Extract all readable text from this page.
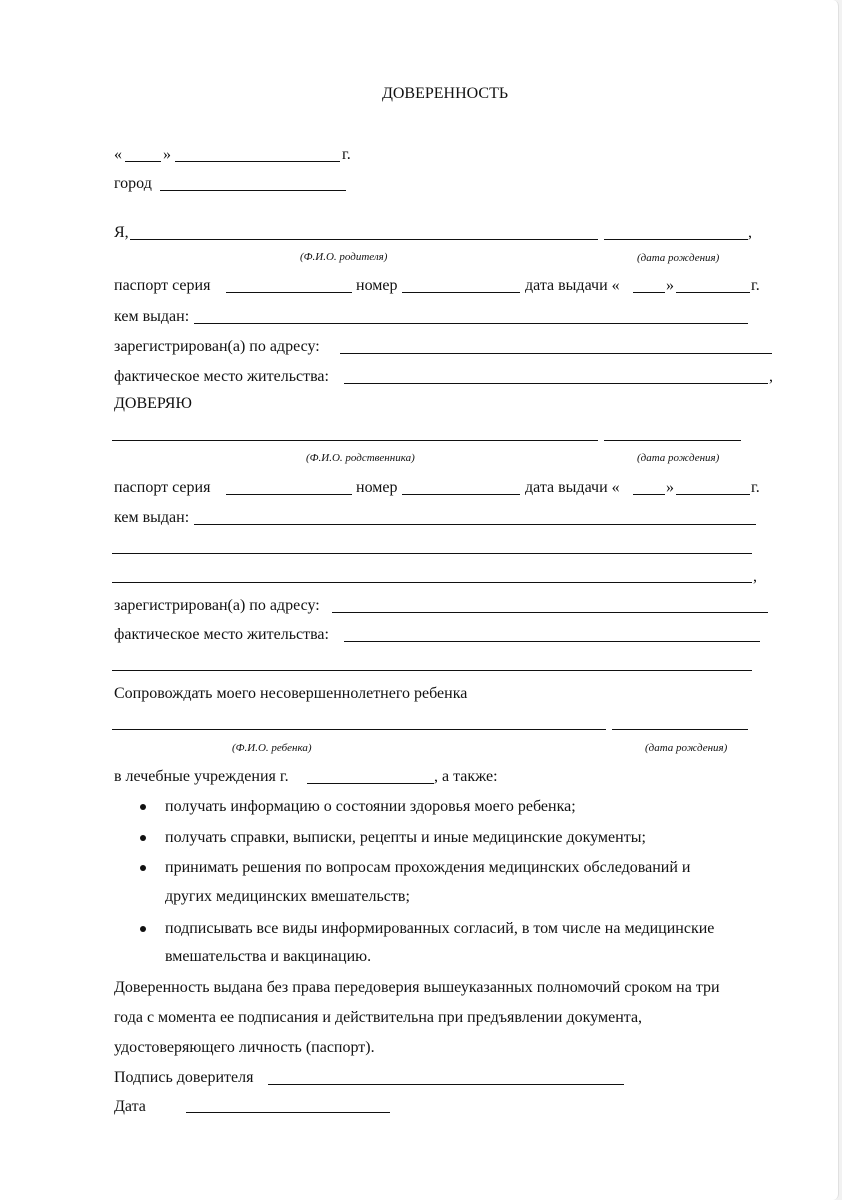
ДОВЕРЕННОСТЬ
«	»	г.
город
Я,	,
(Ф.И.О. родителя)	(дата рождения)
паспорт серия	номер	дата выдачи «	»	г.
кем выдан:
зарегистрирован(а) по адресу:
фактическое место жительства:	,
ДОВЕРЯЮ
(Ф.И.О. родственника)	(дата рождения)
паспорт серия	номер	дата выдачи «	»	г.
кем выдан:
,
зарегистрирован(а) по адресу:
фактическое место жительства:
Сопровождать моего несовершеннолетнего ребенка
(Ф.И.О. ребенка)	(дата рождения)
в лечебные учреждения г.	, а также:
получать информацию о состоянии здоровья моего ребенка;
получать справки, выписки, рецепты и иные медицинские документы;
принимать решения по вопросам прохождения медицинских обследований и
других медицинских вмешательств;
подписывать все виды информированных согласий, в том числе на медицинские
вмешательства и вакцинацию.
Доверенность выдана без права передоверия вышеуказанных полномочий сроком на три
года с момента ее подписания и действительна при предъявлении документа,
удостоверяющего личность (паспорт).
Подпись доверителя
Дата
